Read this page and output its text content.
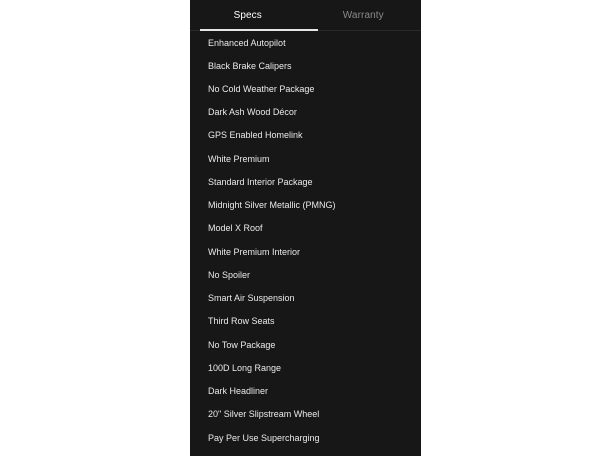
Specs	Warranty
Enhanced Autopilot
Black Brake Calipers
No Cold Weather Package
Dark Ash Wood Décor
GPS Enabled Homelink
White Premium
Standard Interior Package
Midnight Silver Metallic (PMNG)
Model X Roof
White Premium Interior
No Spoiler
Smart Air Suspension
Third Row Seats
No Tow Package
100D Long Range
Dark Headliner
20" Silver Slipstream Wheel
Pay Per Use Supercharging
